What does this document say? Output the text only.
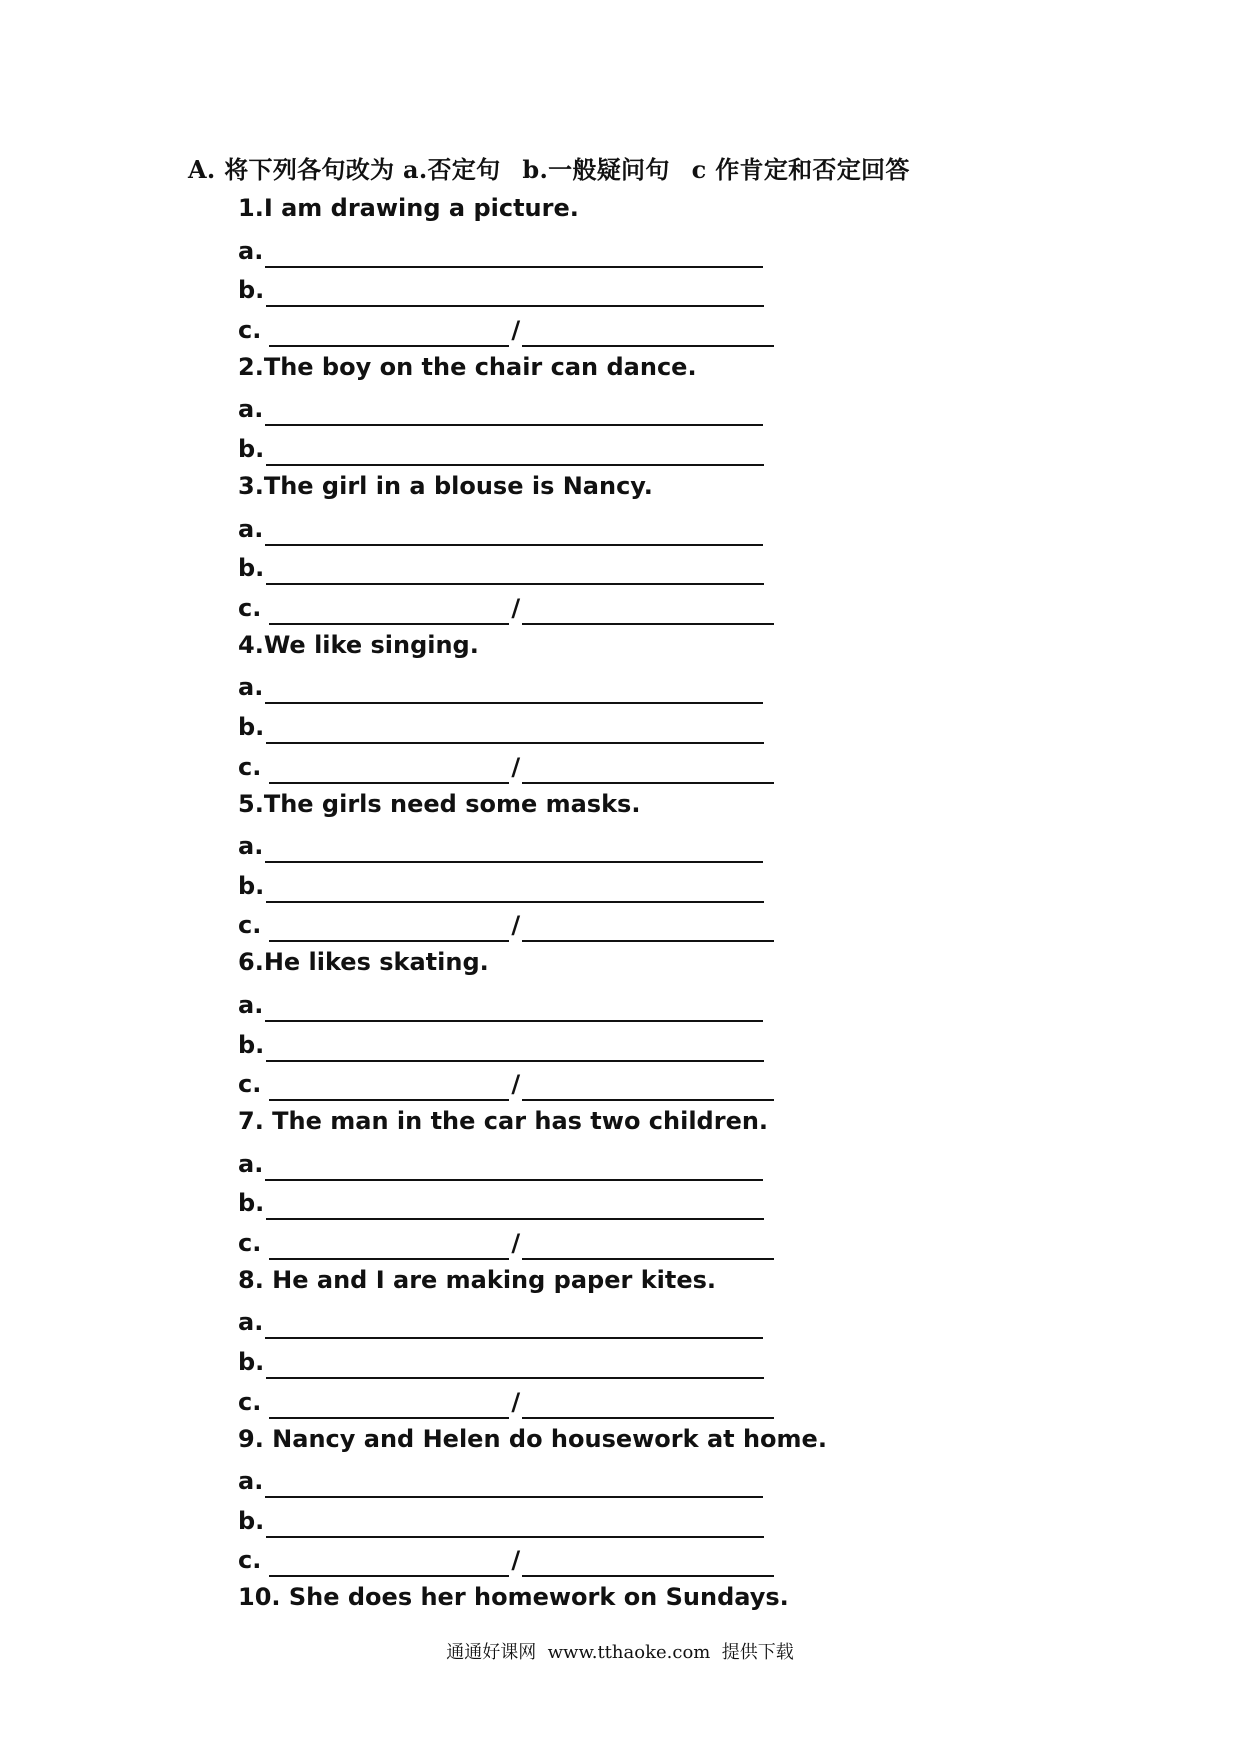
A. 将下列各句改为 a.否定句 b.一般疑问句 c 作肯定和否定回答
1.I am drawing a picture.
a.
b.
c.	/
2.The boy on the chair can dance.
a.
b.
3.The girl in a blouse is Nancy.
a.
b.
c.	/
4.We like singing.
a.
b.
c.	/
5.The girls need some masks.
a.
b.
c.	/
6.He likes skating.
a.
b.
c.	/
7. The man in the car has two children.
a.
b.
c.	/
8. He and I are making paper kites.
a.
b.
c.	/
9. Nancy and Helen do housework at home.
a.
b.
c.	/
10. She does her homework on Sundays.
通通好课网  www.tthaoke.com  提供下载
